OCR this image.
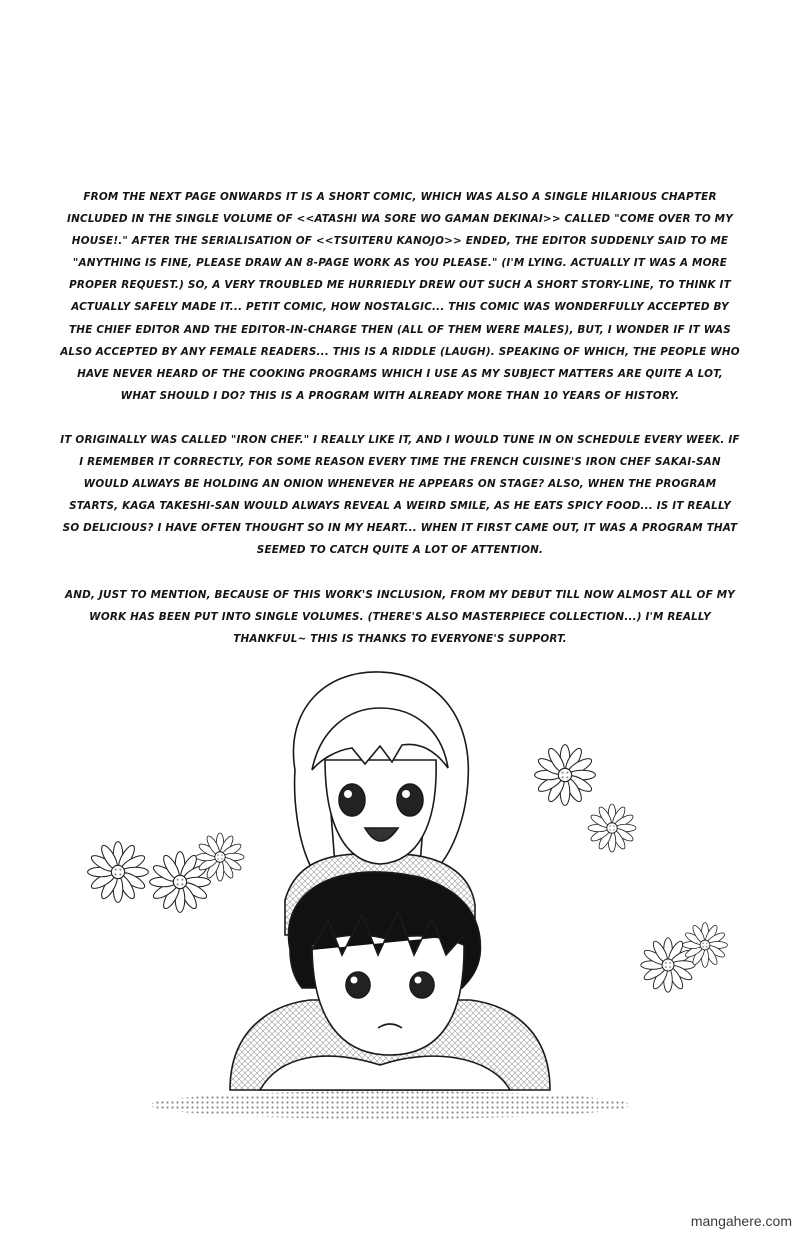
FROM THE NEXT PAGE ONWARDS IT IS A SHORT COMIC, WHICH WAS ALSO A SINGLE HILARIOUS CHAPTER INCLUDED IN THE SINGLE VOLUME OF <<ATASHI WA SORE WO GAMAN DEKINAI>> CALLED "COME OVER TO MY HOUSE!." AFTER THE SERIALISATION OF <<TSUITERU KANOJO>> ENDED, THE EDITOR SUDDENLY SAID TO ME "ANYTHING IS FINE, PLEASE DRAW AN 8-PAGE WORK AS YOU PLEASE." (I'M LYING. ACTUALLY IT WAS A MORE PROPER REQUEST.) SO, A VERY TROUBLED ME HURRIEDLY DREW OUT SUCH A SHORT STORY-LINE, TO THINK IT ACTUALLY SAFELY MADE IT... PETIT COMIC, HOW NOSTALGIC... THIS COMIC WAS WONDERFULLY ACCEPTED BY THE CHIEF EDITOR AND THE EDITOR-IN-CHARGE THEN (ALL OF THEM WERE MALES), BUT, I WONDER IF IT WAS ALSO ACCEPTED BY ANY FEMALE READERS... THIS IS A RIDDLE (LAUGH). SPEAKING OF WHICH, THE PEOPLE WHO HAVE NEVER HEARD OF THE COOKING PROGRAMS WHICH I USE AS MY SUBJECT MATTERS ARE QUITE A LOT, WHAT SHOULD I DO? THIS IS A PROGRAM WITH ALREADY MORE THAN 10 YEARS OF HISTORY.

IT ORIGINALLY WAS CALLED "IRON CHEF." I REALLY LIKE IT, AND I WOULD TUNE IN ON SCHEDULE EVERY WEEK. IF I REMEMBER IT CORRECTLY, FOR SOME REASON EVERY TIME THE FRENCH CUISINE'S IRON CHEF SAKAI-SAN WOULD ALWAYS BE HOLDING AN ONION WHENEVER HE APPEARS ON STAGE? ALSO, WHEN THE PROGRAM STARTS, KAGA TAKESHI-SAN WOULD ALWAYS REVEAL A WEIRD SMILE, AS HE EATS SPICY FOOD... IS IT REALLY SO DELICIOUS? I HAVE OFTEN THOUGHT SO IN MY HEART... WHEN IT FIRST CAME OUT, IT WAS A PROGRAM THAT SEEMED TO CATCH QUITE A LOT OF ATTENTION.

AND, JUST TO MENTION, BECAUSE OF THIS WORK'S INCLUSION, FROM MY DEBUT TILL NOW ALMOST ALL OF MY WORK HAS BEEN PUT INTO SINGLE VOLUMES. (THERE'S ALSO MASTERPIECE COLLECTION...) I'M REALLY THANKFUL~ THIS IS THANKS TO EVERYONE'S SUPPORT.

mangahere.com
